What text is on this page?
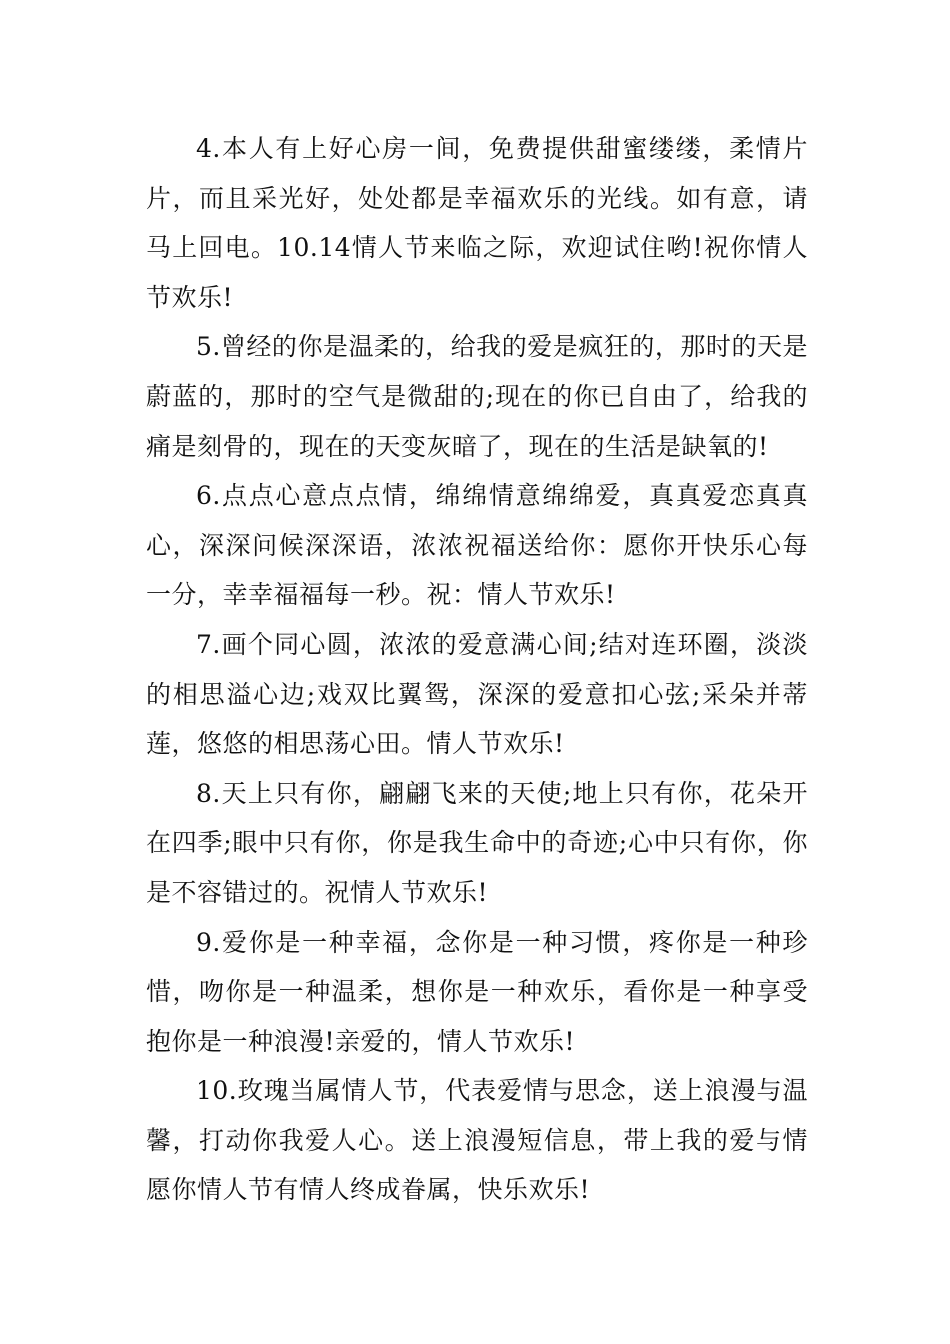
4.本人有上好心房一间，免费提供甜蜜缕缕，柔情片片，而且采光好，处处都是幸福欢乐的光线。如有意，请马上回电。10.14情人节来临之际，欢迎试住哟!祝你情人节欢乐!

5.曾经的你是温柔的，给我的爱是疯狂的，那时的天是蔚蓝的，那时的空气是微甜的;现在的你已自由了，给我的痛是刻骨的，现在的天变灰暗了，现在的生活是缺氧的!

6.点点心意点点情，绵绵情意绵绵爱，真真爱恋真真心，深深问候深深语，浓浓祝福送给你：愿你开快乐心每一分，幸幸福福每一秒。祝：情人节欢乐!

7.画个同心圆，浓浓的爱意满心间;结对连环圈，淡淡的相思溢心边;戏双比翼鸳，深深的爱意扣心弦;采朵并蒂莲，悠悠的相思荡心田。情人节欢乐!

8.天上只有你，翩翩飞来的天使;地上只有你，花朵开在四季;眼中只有你，你是我生命中的奇迹;心中只有你，你是不容错过的。祝情人节欢乐!

9.爱你是一种幸福，念你是一种习惯，疼你是一种珍惜，吻你是一种温柔，想你是一种欢乐，看你是一种享受抱你是一种浪漫!亲爱的，情人节欢乐!

10.玫瑰当属情人节，代表爱情与思念，送上浪漫与温馨，打动你我爱人心。送上浪漫短信息，带上我的爱与情愿你情人节有情人终成眷属，快乐欢乐!
